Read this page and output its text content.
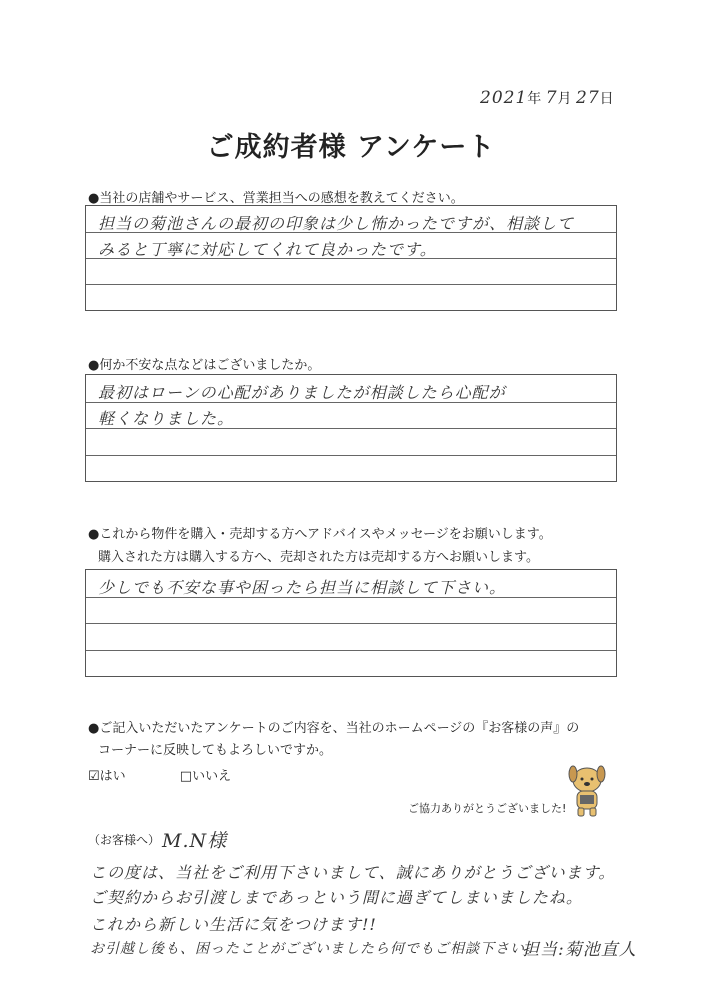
2021年 7月 27日
ご成約者様 アンケート
●当社の店舗やサービス、営業担当への感想を教えてください。
担当の菊池さんの最初の印象は少し怖かったですが、相談して
みると丁寧に対応してくれて良かったです。
●何か不安な点などはございましたか。
最初はローンの心配がありましたが相談したら心配が
軽くなりました。
●これから物件を購入・売却する方へアドバイスやメッセージをお願いします。
購入された方は購入する方へ、売却された方は売却する方へお願いします。
少しでも不安な事や困ったら担当に相談して下さい。
●ご記入いただいたアンケートのご内容を、当社のホームページの『お客様の声』の
コーナーに反映してもよろしいですか。
☑はい	□いいえ
ご協力ありがとうございました!
（お客様へ） M.N様
この度は、当社をご利用下さいまして、誠にありがとうございます。
ご契約からお引渡しまであっという間に過ぎてしまいましたね。
これから新しい生活に気をつけます!!
お引越し後も、困ったことがございましたら何でもご相談下さい。
担当:菊池直人
